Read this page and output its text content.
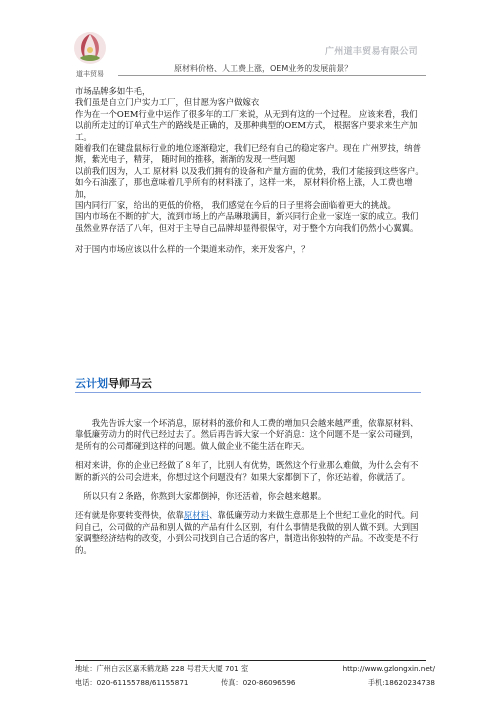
道丰贸易
广州道丰贸易有限公司
原材料价格、人工费上涨，OEM业务的发展前景？

市场品牌多如牛毛，

我们虽是自立门户实力工厂，但甘愿为客户做嫁衣

作为在一个OEM行业中运作了很多年的工厂来说，从无到有这的一个过程。 应该来看，我们以前所走过的订单式生产的路线是正确的，及那种典型的OEM方式， 根据客户要求来生产加工。

随着我们在键盘鼠标行业的地位逐渐稳定，我们已经有自己的稳定客户。现在 广州罗技，纳普斯，紫光电子，精芽， 随时间的推移，渐渐的发现一些问题

以前我们因为，人工 原材料 以及我们拥有的设备和产量方面的优势，我们才能接到这些客户。如今石油涨了，那也意味着几乎所有的材料涨了，这样一来， 原材料价格上涨，人工费也增加，

国内同行厂家，给出的更低的价格， 我们感觉在今后的日子里将会面临着更大的挑战。

国内市场在不断的扩大，流到市场上的产品琳琅满目，新兴同行企业一家连一家的成立。我们虽然业界存活了八年，但对于主导自己品牌却显得很保守，对于整个方向我们仍然小心翼翼。

对于国内市场应该以什么样的一个渠道来动作，来开发客户，？

云计划导师马云

我先告诉大家一个坏消息，原材料的涨价和人工费的增加只会越来越严重，依靠原材料、靠低廉劳动力的时代已经过去了。然后再告诉大家一个好消息：这个问题不是一家公司碰到，是所有的公司都碰到这样的问题。做人做企业不能生活在昨天。

相对来讲，你的企业已经做了８年了，比别人有优势，既然这个行业那么难做，为什么会有不断的新兴的公司会进来，你想过这个问题没有？如果大家都倒下了，你还站着，你就活了。

所以只有２条路，你熬到大家都倒掉，你还活着，你会越来越累。

还有就是你要转变得快，依靠原材料、靠低廉劳动力来做生意那是上个世纪工业化的时代。问问自己，公司做的产品和别人做的产品有什么区别，有什么事情是我做的别人做不到。大到国家调整经济结构的改变，小到公司找到自己合适的客户，制造出你独特的产品。不改变是不行的。

地址：广州白云区嘉禾鹤龙路 228 号君天大厦 701 室	http://www.gzlongxin.net/
电话：020-61155788/61155871	传真：020-86096596	手机:18620234738
